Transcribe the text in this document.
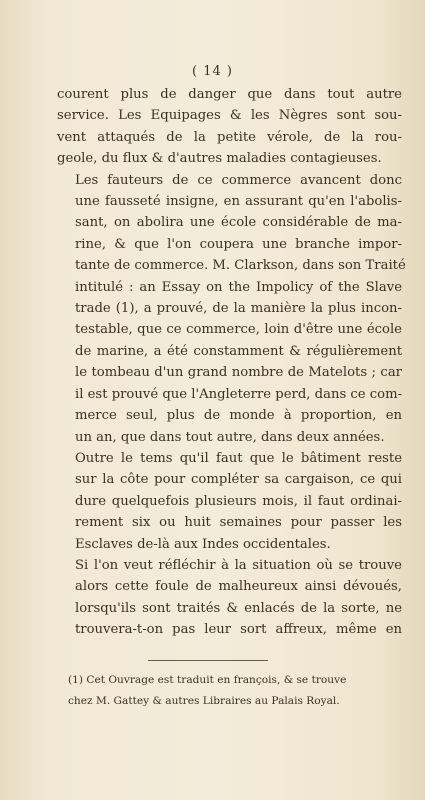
( 14 )

courent plus de danger que dans tout autre
service. Les Equipages & les Nègres sont sou-
vent attaqués de la petite vérole, de la rou-
geole, du flux & d'autres maladies contagieuses.

Les fauteurs de ce commerce avancent donc
une fausseté insigne, en assurant qu'en l'abolis-
sant, on abolira une école considérable de ma-
rine, & que l'on coupera une branche impor-
tante de commerce. M. Clarkson, dans son Traité
intitulé : an Essay on the Impolicy of the Slave
trade (1), a prouvé, de la manière la plus incon-
testable, que ce commerce, loin d'être une école
de marine, a été constamment & régulièrement
le tombeau d'un grand nombre de Matelots ; car
il est prouvé que l'Angleterre perd, dans ce com-
merce seul, plus de monde à proportion, en
un an, que dans tout autre, dans deux années.

Outre le tems qu'il faut que le bâtiment reste
sur la côte pour compléter sa cargaison, ce qui
dure quelquefois plusieurs mois, il faut ordinai-
rement six ou huit semaines pour passer les
Esclaves de-là aux Indes occidentales.

Si l'on veut réfléchir à la situation où se trouve
alors cette foule de malheureux ainsi dévoués,
lorsqu'ils sont traités & enlacés de la sorte, ne
trouvera-t-on pas leur sort affreux, même en

(1) Cet Ouvrage est traduit en françois, & se trouve
chez M. Gattey & autres Libraires au Palais Royal.
